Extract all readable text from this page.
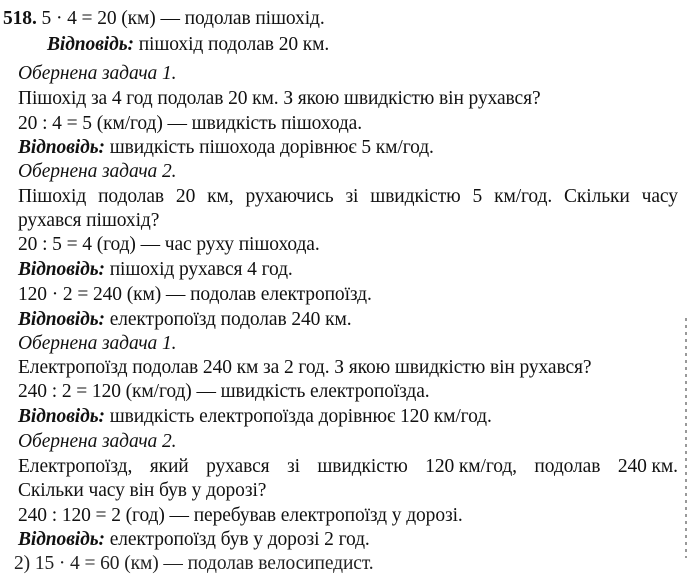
518. 5 · 4 = 20 (км) — подолав пішохід.
Відповідь: пішохід подолав 20 км.
Обернена задача 1.
Пішохід за 4 год подолав 20 км. З якою швидкістю він рухався?
20 : 4 = 5 (км/год) — швидкість пішохода.
Відповідь: швидкість пішохода дорівнює 5 км/год.
Обернена задача 2.
Пішохід подолав 20 км, рухаючись зі швидкістю 5 км/год. Скільки часу
рухався пішохід?
20 : 5 = 4 (год) — час руху пішохода.
Відповідь: пішохід рухався 4 год.
120 · 2 = 240 (км) — подолав електропоїзд.
Відповідь: електропоїзд подолав 240 км.
Обернена задача 1.
Електропоїзд подолав 240 км за 2 год. З якою швидкістю він рухався?
240 : 2 = 120 (км/год) — швидкість електропоїзда.
Відповідь: швидкість електропоїзда дорівнює 120 км/год.
Обернена задача 2.
Електропоїзд, який рухався зі швидкістю 120 км/год, подолав 240 км.
Скільки часу він був у дорозі?
240 : 120 = 2 (год) — перебував електропоїзд у дорозі.
Відповідь: електропоїзд був у дорозі 2 год.
2) 15 · 4 = 60 (км) — подолав велосипедист.
